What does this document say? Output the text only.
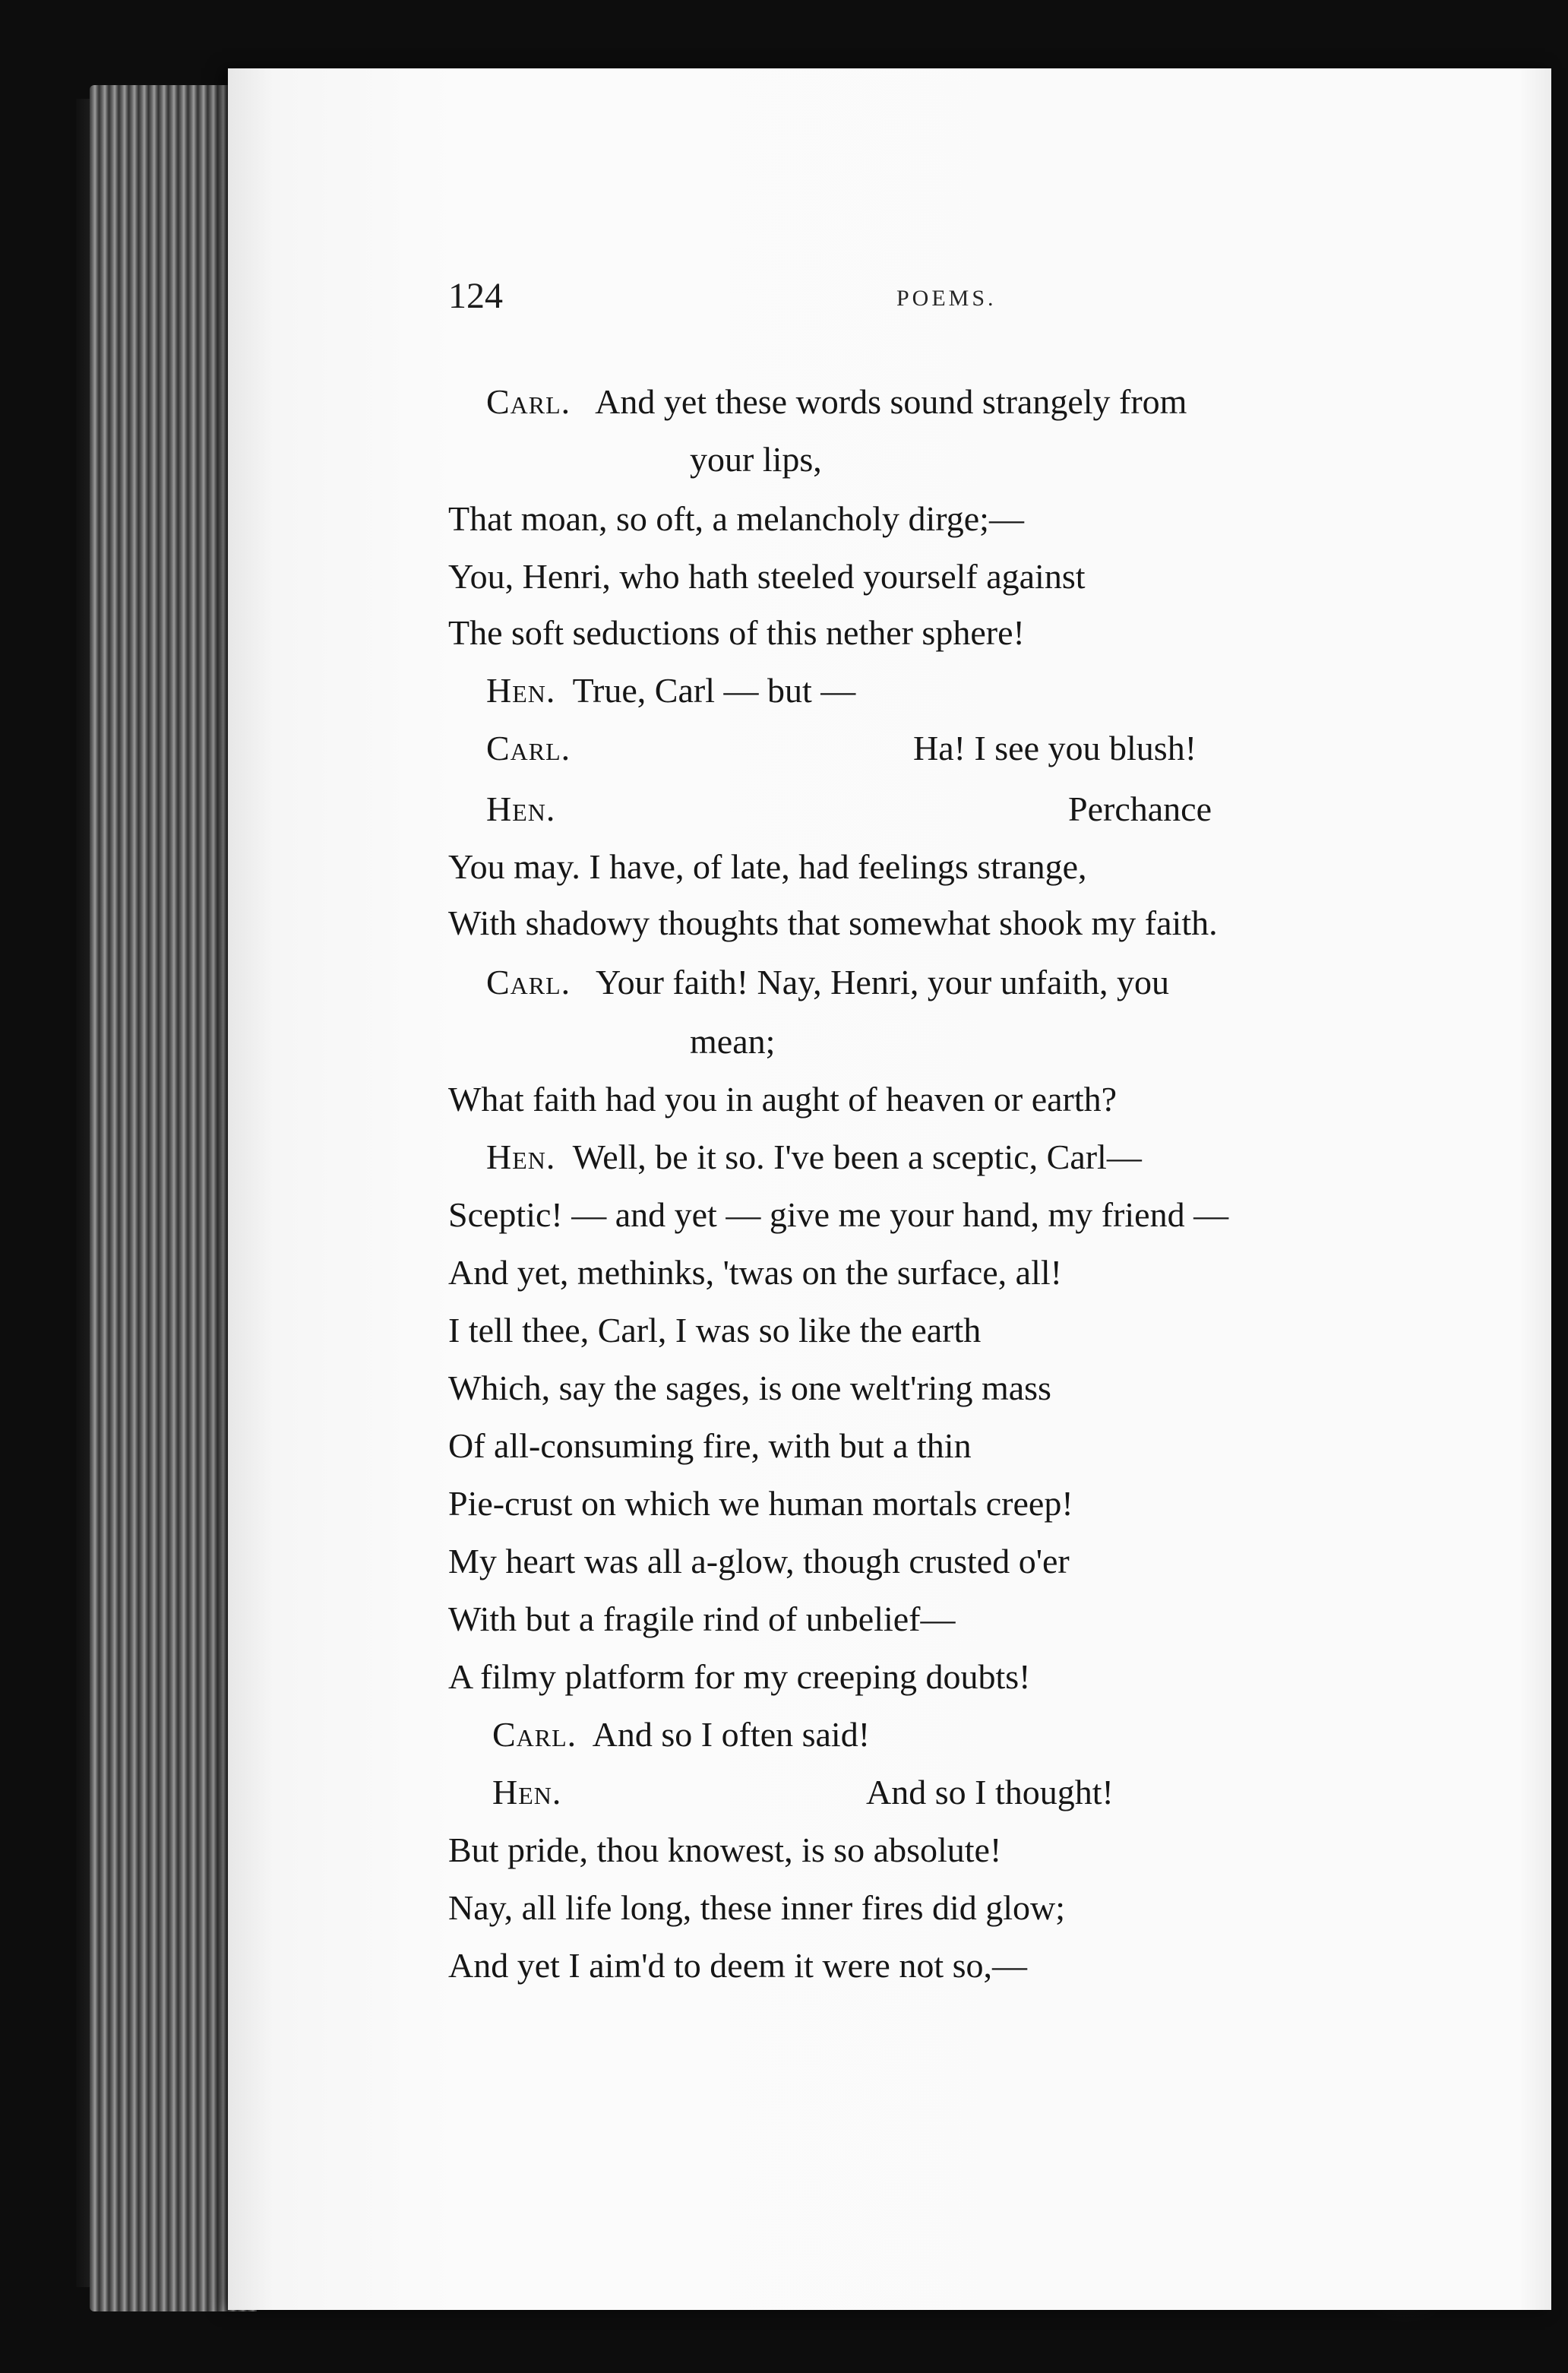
124	POEMS.
Carl. And yet these words sound strangely from
your lips,
That moan, so oft, a melancholy dirge;—
You, Henri, who hath steeled yourself against
The soft seductions of this nether sphere!
Hen. True, Carl — but —
Carl.	Ha! I see you blush!
Hen.	Perchance
You may. I have, of late, had feelings strange,
With shadowy thoughts that somewhat shook my faith.
Carl. Your faith! Nay, Henri, your unfaith, you
mean;
What faith had you in aught of heaven or earth?
Hen. Well, be it so. I've been a sceptic, Carl—
Sceptic! — and yet — give me your hand, my friend —
And yet, methinks, 'twas on the surface, all!
I tell thee, Carl, I was so like the earth
Which, say the sages, is one welt'ring mass
Of all-consuming fire, with but a thin
Pie-crust on which we human mortals creep!
My heart was all a-glow, though crusted o'er
With but a fragile rind of unbelief—
A filmy platform for my creeping doubts!
Carl. And so I often said!
Hen.	And so I thought!
But pride, thou knowest, is so absolute!
Nay, all life long, these inner fires did glow;
And yet I aim'd to deem it were not so,—
